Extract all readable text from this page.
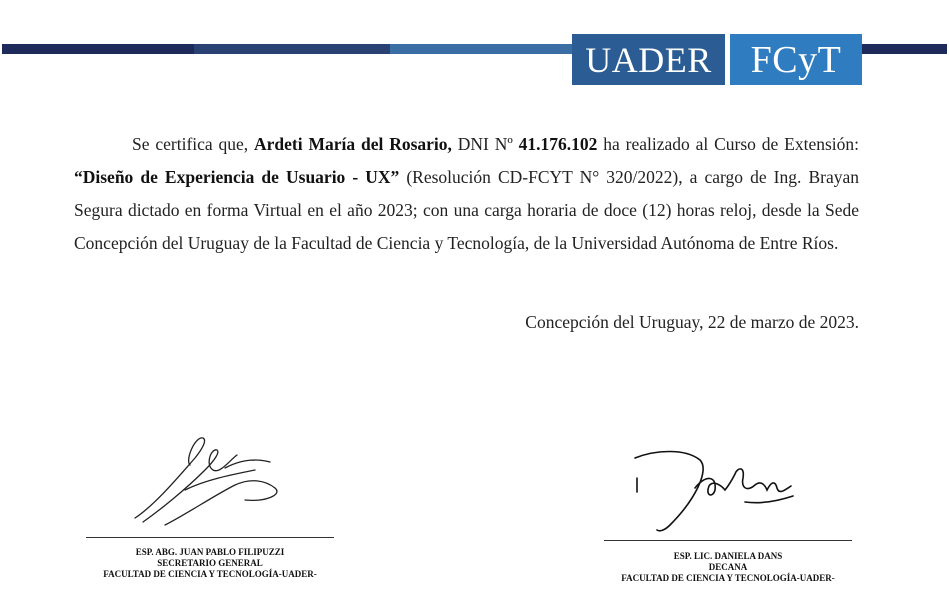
UADER FCyT
Se certifica que, Ardeti María del Rosario, DNI Nº 41.176.102 ha realizado al Curso de Extensión: “Diseño de Experiencia de Usuario - UX” (Resolución CD-FCYT N° 320/2022), a cargo de Ing. Brayan Segura dictado en forma Virtual en el año 2023; con una carga horaria de doce (12) horas reloj, desde la Sede Concepción del Uruguay de la Facultad de Ciencia y Tecnología, de la Universidad Autónoma de Entre Ríos.
Concepción del Uruguay, 22 de marzo de 2023.
ESP. ABG. JUAN PABLO FILIPUZZI
SECRETARIO GENERAL
FACULTAD DE CIENCIA Y TECNOLOGÍA-UADER-
ESP. LIC. DANIELA DANS
DECANA
FACULTAD DE CIENCIA Y TECNOLOGÍA-UADER-
